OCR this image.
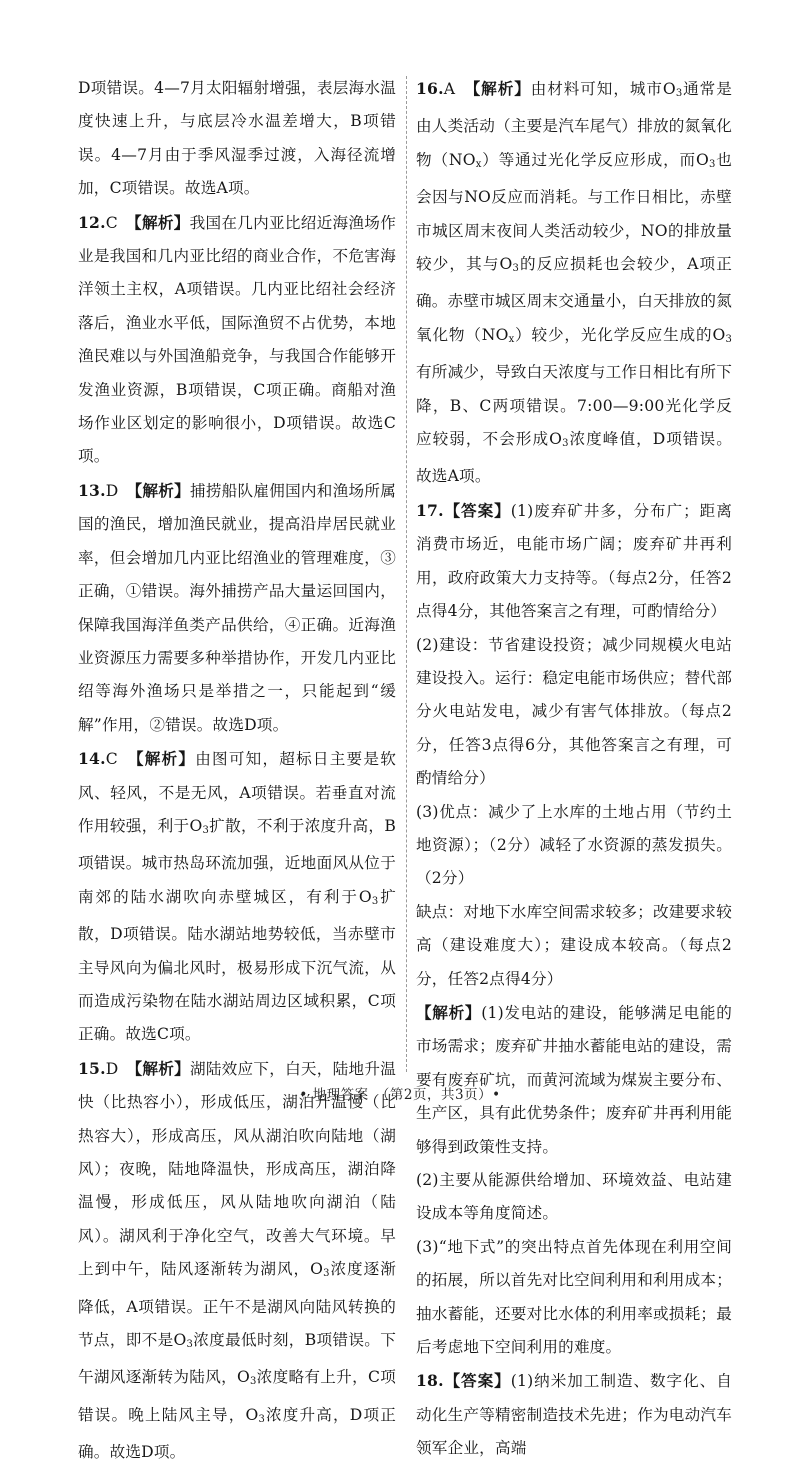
D项错误。4—7月太阳辐射增强，表层海水温度快速上升，与底层冷水温差增大，B项错误。4—7月由于季风湿季过渡，入海径流增加，C项错误。故选A项。

12.C　 【解析】我国在几内亚比绍近海渔场作业是我国和几内亚比绍的商业合作，不危害海洋领土主权，A项错误。几内亚比绍社会经济落后，渔业水平低，国际渔贸不占优势，本地渔民难以与外国渔船竞争，与我国合作能够开发渔业资源，B项错误，C项正确。商船对渔场作业区划定的影响很小，D项错误。故选C项。

13.D　 【解析】捕捞船队雇佣国内和渔场所属国的渔民，增加渔民就业，提高沿岸居民就业率，但会增加几内亚比绍渔业的管理难度，③正确，①错误。海外捕捞产品大量运回国内，保障我国海洋鱼类产品供给，④正确。近海渔业资源压力需要多种举措协作，开发几内亚比绍等海外渔场只是举措之一，只能起到“缓解”作用，②错误。故选D项。

14.C　 【解析】由图可知，超标日主要是软风、轻风，不是无风，A项错误。若垂直对流作用较强，利于$O_3$扩散，不利于浓度升高，B项错误。城市热岛环流加强，近地面风从位于南郊的陆水湖吹向赤壁城区，有利于$O_3$扩散，D项错误。陆水湖站地势较低，当赤壁市主导风向为偏北风时，极易形成下沉气流，从而造成污染物在陆水湖站周边区域积累，C项正确。故选C项。

15.D　 【解析】湖陆效应下，白天，陆地升温快（比热容小），形成低压，湖泊升温慢（比热容大），形成高压，风从湖泊吹向陆地（湖风）；夜晚，陆地降温快，形成高压，湖泊降温慢，形成低压，风从陆地吹向湖泊（陆风）。湖风利于净化空气，改善大气环境。早上到中午，陆风逐渐转为湖风，$O_3$浓度逐渐降低，A项错误。正午不是湖风向陆风转换的节点，即不是$O_3$浓度最低时刻，B项错误。下午湖风逐渐转为陆风，$O_3$浓度略有上升，C项错误。晚上陆风主导，$O_3$浓度升高，D项正确。故选D项。

16.A　 【解析】由材料可知，城市$O_3$通常是由人类活动（主要是汽车尾气）排放的氮氧化物$(NO_x)$等通过光化学反应形成，而$O_3$也会因与NO反应而消耗。与工作日相比，赤壁市城区周末夜间人类活动较少，NO的排放量较少，其与$O_3$的反应损耗也会较少，A项正确。赤壁市城区周末交通量小，白天排放的氮氧化物$(NO_x)$较少，光化学反应生成的$O_3$有所减少，导致白天浓度与工作日相比有所下降，B、C两项错误。7:00—9:00光化学反应较弱，不会形成$O_3$浓度峰值，D项错误。故选A项。

17.【答案】(1)废弃矿井多，分布广；距离消费市场近，电能市场广阔；废弃矿井再利用，政府政策大力支持等。（每点2分，任答2点得4分，其他答案言之有理，可酌情给分）

(2)建设：节省建设投资；减少同规模火电站建设投入。运行：稳定电能市场供应；替代部分火电站发电，减少有害气体排放。（每点2分，任答3点得6分，其他答案言之有理，可酌情给分）

(3)优点：减少了上水库的土地占用（节约土地资源）；（2分）减轻了水资源的蒸发损失。（2分）

缺点：对地下水库空间需求较多；改建要求较高（建设难度大）；建设成本较高。（每点2分，任答2点得4分）

【解析】(1)发电站的建设，能够满足电能的市场需求；废弃矿井抽水蓄能电站的建设，需要有废弃矿坑，而黄河流域为煤炭主要分布、生产区，具有此优势条件；废弃矿井再利用能够得到政策性支持。

(2)主要从能源供给增加、环境效益、电站建设成本等角度简述。

(3)“地下式”的突出特点首先体现在利用空间的拓展，所以首先对比空间利用和利用成本；抽水蓄能，还要对比水体的利用率或损耗；最后考虑地下空间利用的难度。

18.【答案】(1)纳米加工制造、数字化、自动化生产等精密制造技术先进；作为电动汽车领军企业，高端

• 地理答案　（第2页，共3页）•
